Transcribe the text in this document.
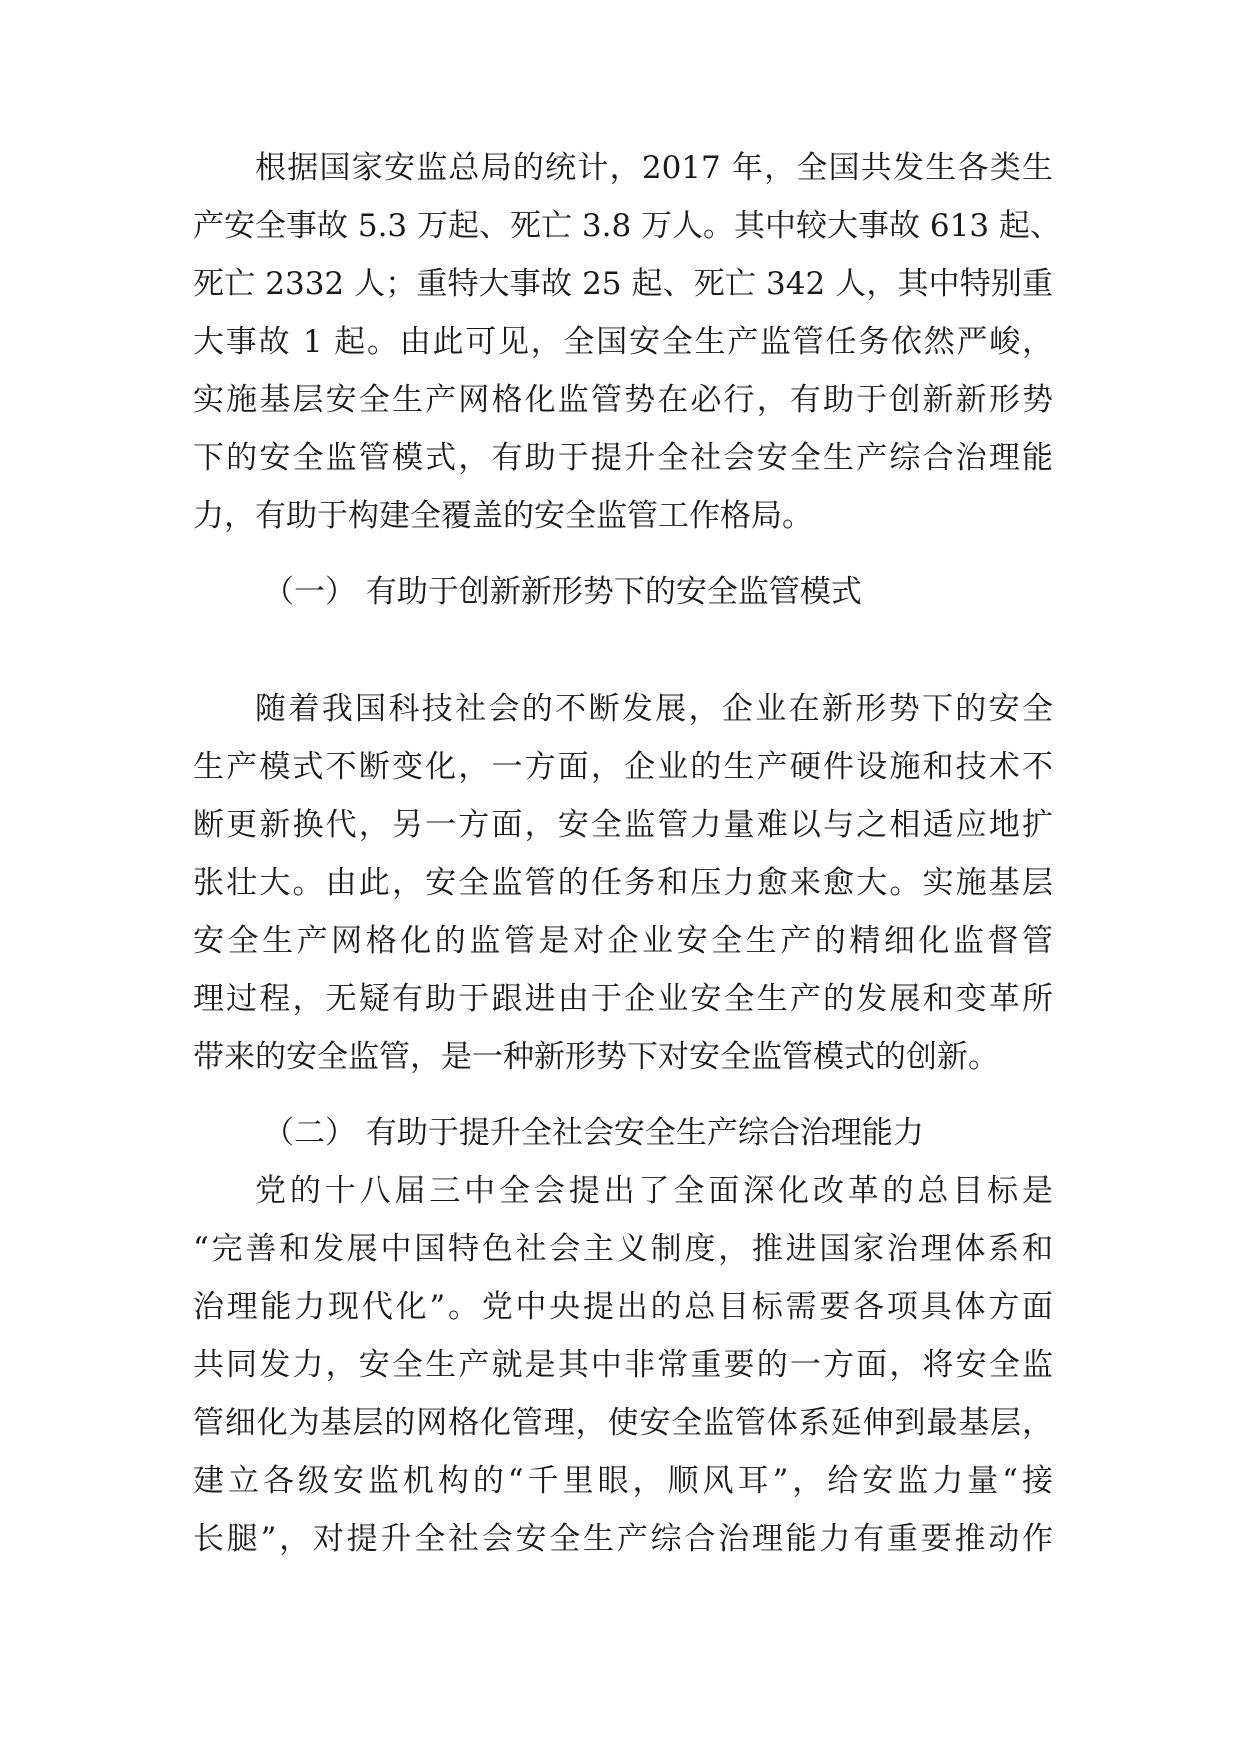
根据国家安监总局的统计，2017 年，全国共发生各类生
产安全事故 5.3 万起、死亡 3.8 万人。其中较大事故 613 起、
死亡 2332 人；重特大事故 25 起、死亡 342 人，其中特别重
大事故 1 起。由此可见，全国安全生产监管任务依然严峻，
实施基层安全生产网格化监管势在必行，有助于创新新形势
下的安全监管模式，有助于提升全社会安全生产综合治理能
力，有助于构建全覆盖的安全监管工作格局。
（一） 有助于创新新形势下的安全监管模式
随着我国科技社会的不断发展，企业在新形势下的安全
生产模式不断变化，一方面，企业的生产硬件设施和技术不
断更新换代，另一方面，安全监管力量难以与之相适应地扩
张壮大。由此，安全监管的任务和压力愈来愈大。实施基层
安全生产网格化的监管是对企业安全生产的精细化监督管
理过程，无疑有助于跟进由于企业安全生产的发展和变革所
带来的安全监管，是一种新形势下对安全监管模式的创新。
（二） 有助于提升全社会安全生产综合治理能力
党的十八届三中全会提出了全面深化改革的总目标是
“完善和发展中国特色社会主义制度，推进国家治理体系和
治理能力现代化”。党中央提出的总目标需要各项具体方面
共同发力，安全生产就是其中非常重要的一方面，将安全监
管细化为基层的网格化管理，使安全监管体系延伸到最基层，
建立各级安监机构的“千里眼，顺风耳”，给安监力量“接
长腿”，对提升全社会安全生产综合治理能力有重要推动作
